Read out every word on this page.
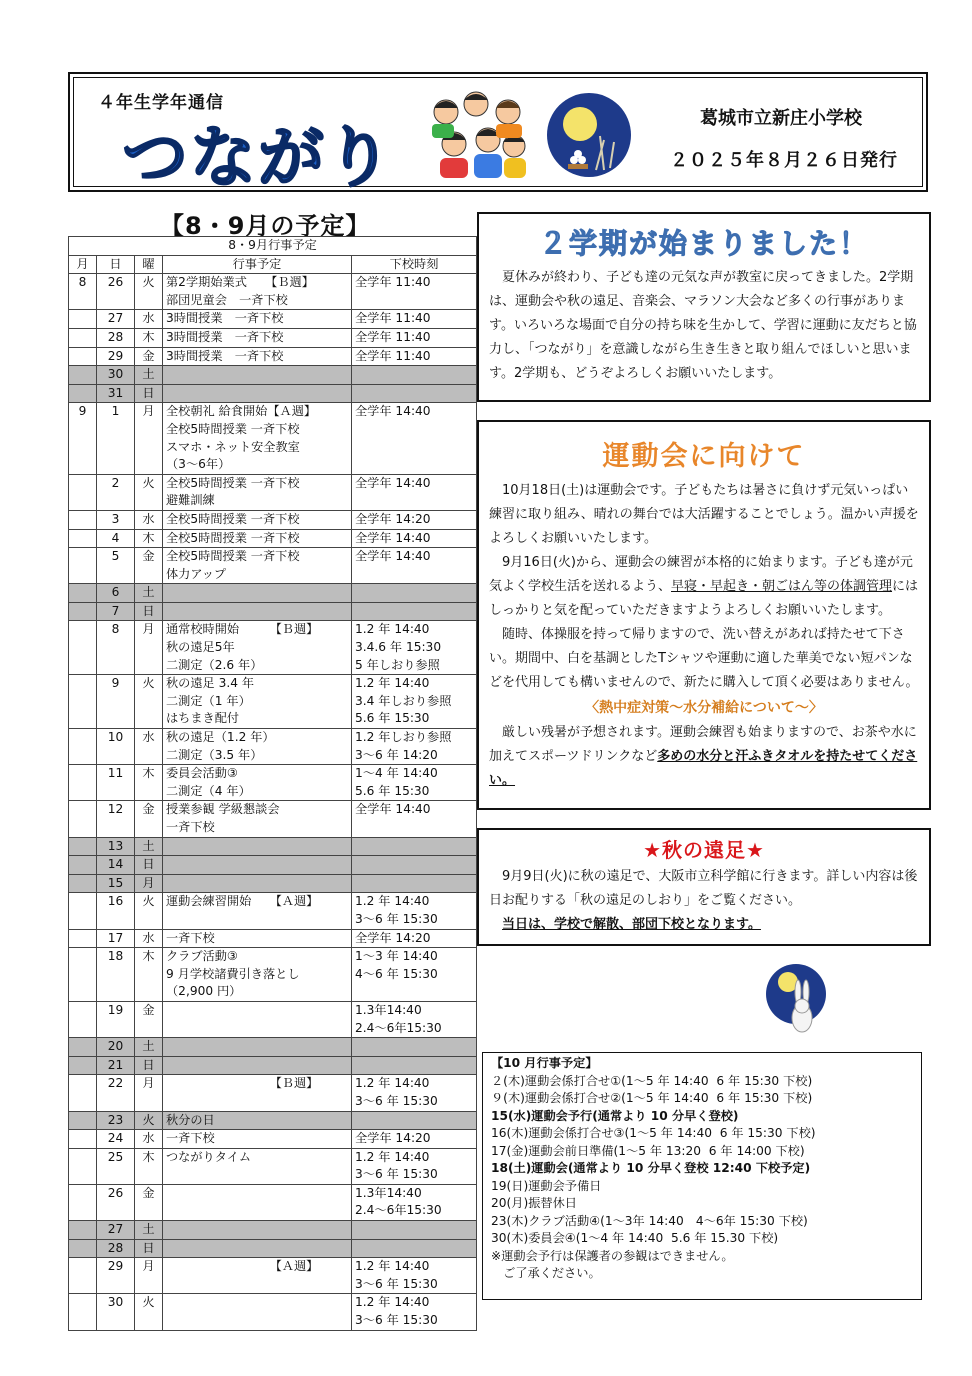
４年生学年通信
つながり
葛城市立新庄小学校
２０２５年８月２６日発行
【8・9月の予定】
8・9月行事予定				
月	日	曜	行事予定	下校時刻
8	26	火	第2学期始業式　　【Ｂ週】
部団児童会　一斉下校	全学年 11:40
	27	水	3時間授業　一斉下校	全学年 11:40
	28	木	3時間授業　一斉下校	全学年 11:40
	29	金	3時間授業　一斉下校	全学年 11:40
	30	土		
	31	日		
9	1	月	全校朝礼 給食開始【Ａ週】
全校5時間授業 一斉下校
スマホ・ネット安全教室
（3～6年）	全学年 14:40
	2	火	全校5時間授業 一斉下校
避難訓練	全学年 14:40
	3	水	全校5時間授業 一斉下校	全学年 14:20
	4	木	全校5時間授業 一斉下校	全学年 14:40
	5	金	全校5時間授業 一斉下校
体力アップ	全学年 14:40
	6	土		
	7	日		
	8	月	通常校時開始　　　【Ｂ週】
秋の遠足5年
二測定（2.6 年）	1.2 年 14:40
3.4.6 年 15:30
5 年しおり参照
	9	火	秋の遠足 3.4 年
二測定（1 年）
はちまき配付	1.2 年 14:40
3.4 年しおり参照
5.6 年 15:30
	10	水	秋の遠足（1.2 年）
二測定（3.5 年）	1.2 年しおり参照
3～6 年 14:20
	11	木	委員会活動③
二測定（4 年）	1～4 年 14:40
5.6 年 15:30
	12	金	授業参観 学級懇談会
一斉下校	全学年 14:40
	13	土		
	14	日		
	15	月		
	16	火	運動会練習開始　　【Ａ週】	1.2 年 14:40
3～6 年 15:30
	17	水	一斉下校	全学年 14:20
	18	木	クラブ活動③
9 月学校諸費引き落とし
（2,900 円）	1～3 年 14:40
4～6 年 15:30
	19	金		1.3年14:40
2.4～6年15:30
	20	土		
	21	日		
	22	月	　　　　　　　　　【Ｂ週】	1.2 年 14:40
3～6 年 15:30
	23	火	秋分の日	
	24	水	一斉下校	全学年 14:20
	25	木	つながりタイム	1.2 年 14:40
3～6 年 15:30
	26	金		1.3年14:40
2.4～6年15:30
	27	土		
	28	日		
	29	月	　　　　　　　　　【Ａ週】	1.2 年 14:40
3～6 年 15:30
	30	火		1.2 年 14:40
3～6 年 15:30
２学期が始まりました！

夏休みが終わり、子ども達の元気な声が教室に戻ってきました。2学期は、運動会や秋の遠足、音楽会、マラソン大会など多くの行事があります。いろいろな場面で自分の持ち味を生かして、学習に運動に友だちと協力し、「つながり」を意識しながら生き生きと取り組んでほしいと思います。2学期も、どうぞよろしくお願いいたします。

運動会に向けて

10月18日(土)は運動会です。子どもたちは暑さに負けず元気いっぱい練習に取り組み、晴れの舞台では大活躍することでしょう。温かい声援をよろしくお願いいたします。

9月16日(火)から、運動会の練習が本格的に始まります。子ども達が元気よく学校生活を送れるよう、早寝・早起き・朝ごはん等の体調管理にはしっかりと気を配っていただきますようよろしくお願いいたします。

随時、体操服を持って帰りますので、洗い替えがあれば持たせて下さい。期間中、白を基調としたTシャツや運動に適した華美でない短パンなどを代用しても構いませんので、新たに購入して頂く必要はありません。

〈熱中症対策～水分補給について～〉

厳しい残暑が予想されます。運動会練習も始まりますので、お茶や水に加えてスポーツドリンクなど多めの水分と汗ふきタオルを持たせてください。

★秋の遠足★

9月9日(火)に秋の遠足で、大阪市立科学館に行きます。詳しい内容は後日お配りする「秋の遠足のしおり」をご覧ください。

当日は、学校で解散、部団下校となります。

【10 月行事予定】
２(木)運動会係打合せ①(1～5 年 14:40  6 年 15:30 下校)
９(木)運動会係打合せ②(1～5 年 14:40  6 年 15:30 下校)
15(水)運動会予行(通常より 10 分早く登校)
16(木)運動会係打合せ③(1～5 年 14:40  6 年 15:30 下校)
17(金)運動会前日準備(1～5 年 13:20  6 年 14:00 下校)
18(土)運動会(通常より 10 分早く登校 12:40 下校予定)
19(日)運動会予備日
20(月)振替休日
23(木)クラブ活動④(1～3年 14:40　4～6年 15:30 下校)
30(木)委員会④(1～4 年 14:40  5.6 年 15.30 下校)
※運動会予行は保護者の参観はできません。
　ご了承ください。
